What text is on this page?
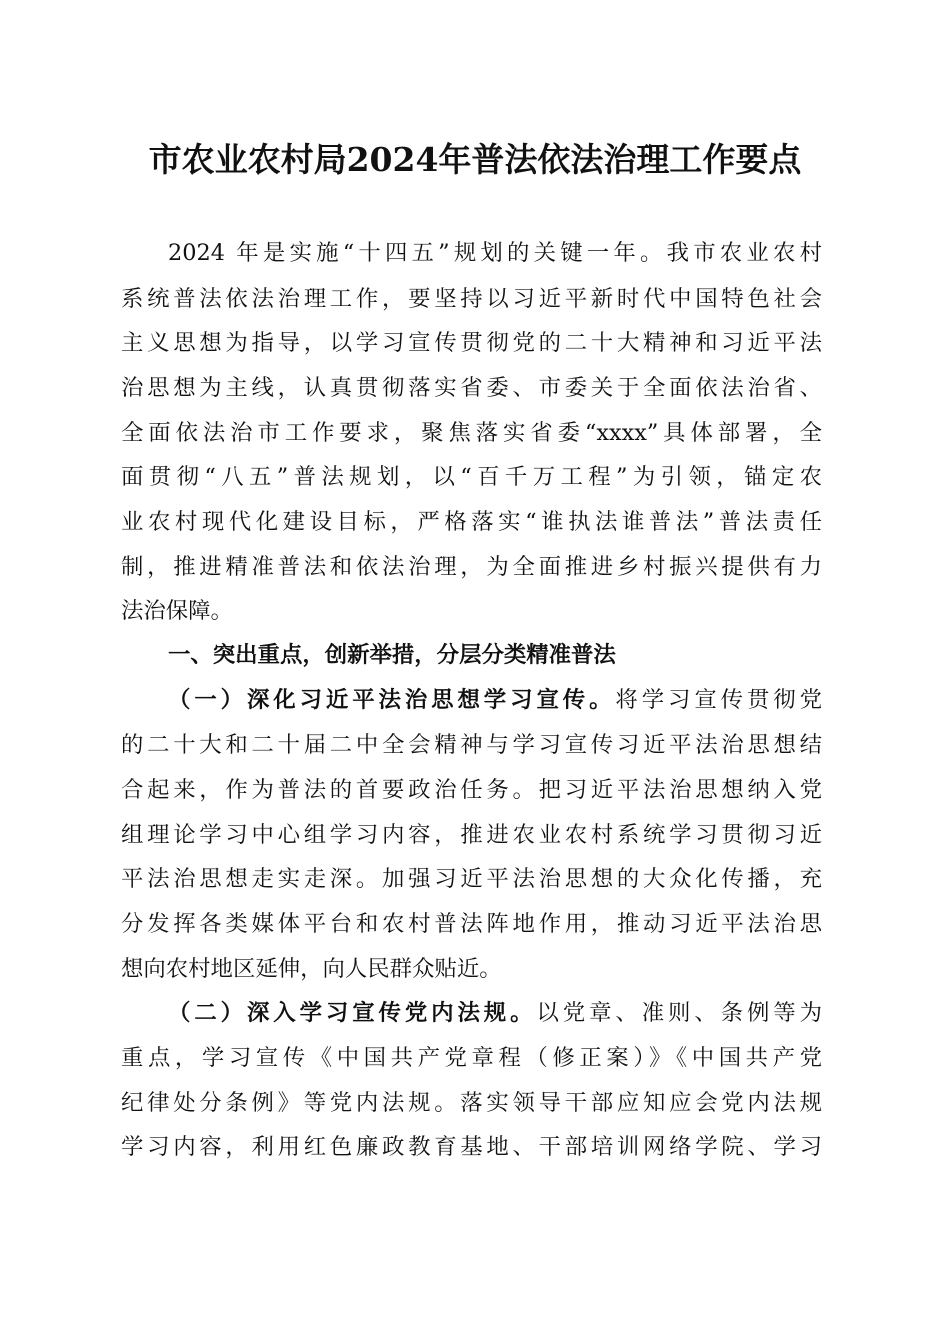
市农业农村局2024年普法依法治理工作要点
2024 年是实施“十四五”规划的关键一年。我市农业农村
系统普法依法治理工作，要坚持以习近平新时代中国特色社会
主义思想为指导，以学习宣传贯彻党的二十大精神和习近平法
治思想为主线，认真贯彻落实省委、市委关于全面依法治省、
全面依法治市工作要求，聚焦落实省委“xxxx”具体部署，全
面贯彻“八五”普法规划，以“百千万工程”为引领，锚定农
业农村现代化建设目标，严格落实“谁执法谁普法”普法责任
制，推进精准普法和依法治理，为全面推进乡村振兴提供有力
法治保障。
一、突出重点，创新举措，分层分类精准普法
（一）深化习近平法治思想学习宣传。将学习宣传贯彻党
的二十大和二十届二中全会精神与学习宣传习近平法治思想结
合起来，作为普法的首要政治任务。把习近平法治思想纳入党
组理论学习中心组学习内容，推进农业农村系统学习贯彻习近
平法治思想走实走深。加强习近平法治思想的大众化传播，充
分发挥各类媒体平台和农村普法阵地作用，推动习近平法治思
想向农村地区延伸，向人民群众贴近。
（二）深入学习宣传党内法规。以党章、准则、条例等为
重点，学习宣传《中国共产党章程（修正案）》《中国共产党
纪律处分条例》等党内法规。落实领导干部应知应会党内法规
学习内容，利用红色廉政教育基地、干部培训网络学院、学习
